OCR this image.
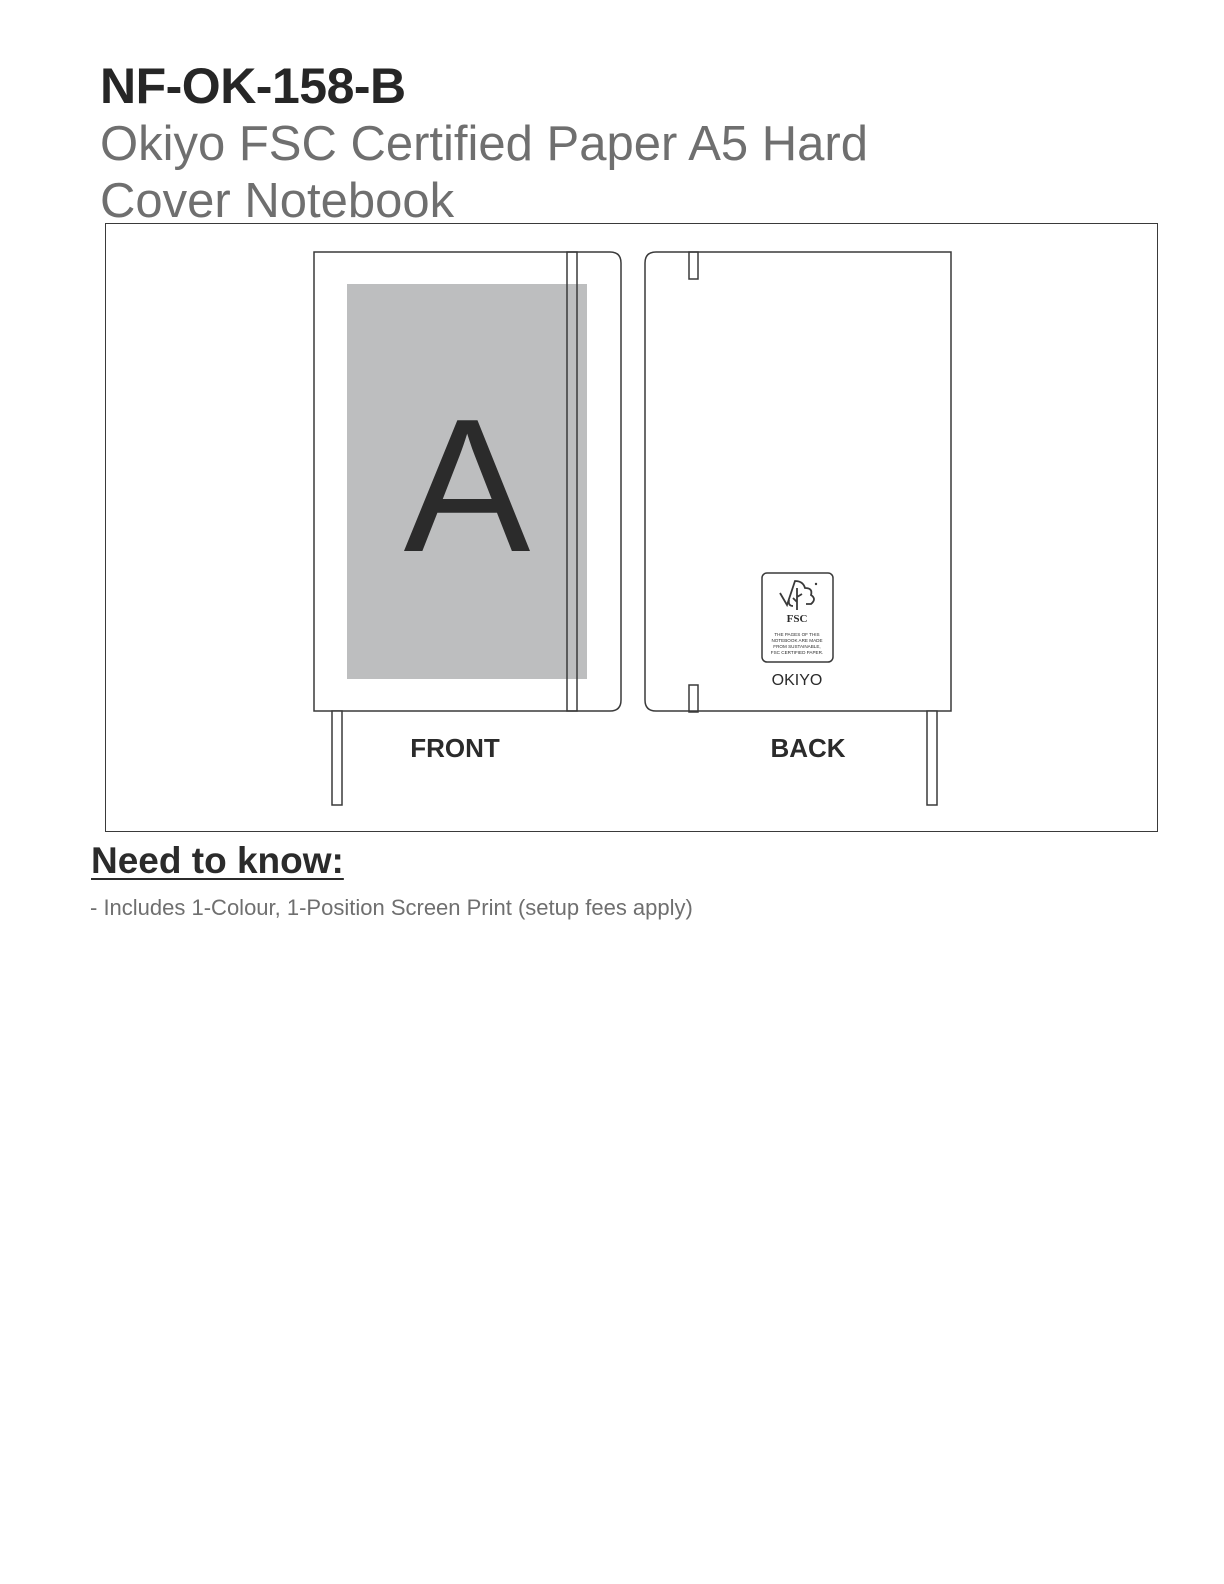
NF-OK-158-B
Okiyo FSC Certified Paper A5 Hard Cover Notebook
A
FSC
THE PAGES OF THIS
NOTEBOOK ARE MADE
FROM SUSTAINABLE,
FSC CERTIFIED PAPER.
OKIYO
FRONT	BACK
Need to know:
- Includes 1-Colour, 1-Position Screen Print (setup fees apply)
